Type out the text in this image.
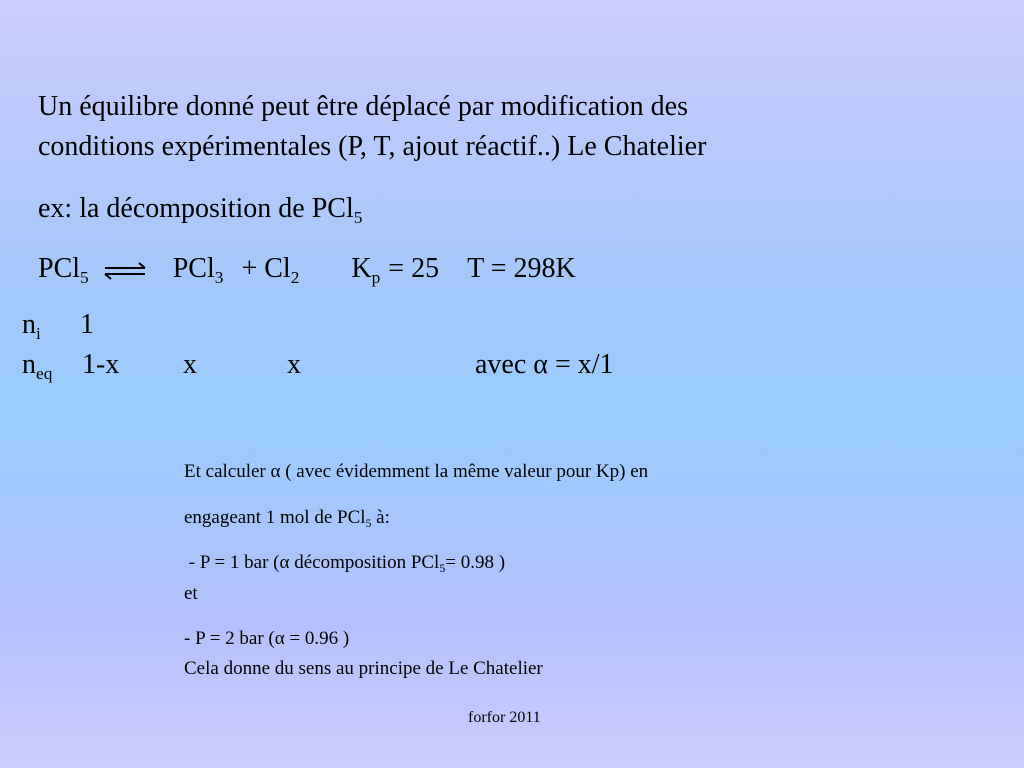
Un équilibre donné peut être déplacé par modification des
conditions expérimentales (P, T, ajout réactif..) Le Chatelier
ex: la décomposition de PCl$_5$
PCl$_5$ ⇌ $PCl_3 + Cl_2$ $K_p = 25$ T = 298K
$n_i$ 1
$n_{eq}$ 1-x x	x	avec α = x/1
Et calculer α ( avec évidemment la même valeur pour Kp) en
engageant 1 mol de PCl$_5$ à:
- P = 1 bar (α décomposition PCl$_5$= 0.98 )
et
- P = 2 bar (α = 0.96 )
Cela donne du sens au principe de Le Chatelier
forfor 2011
